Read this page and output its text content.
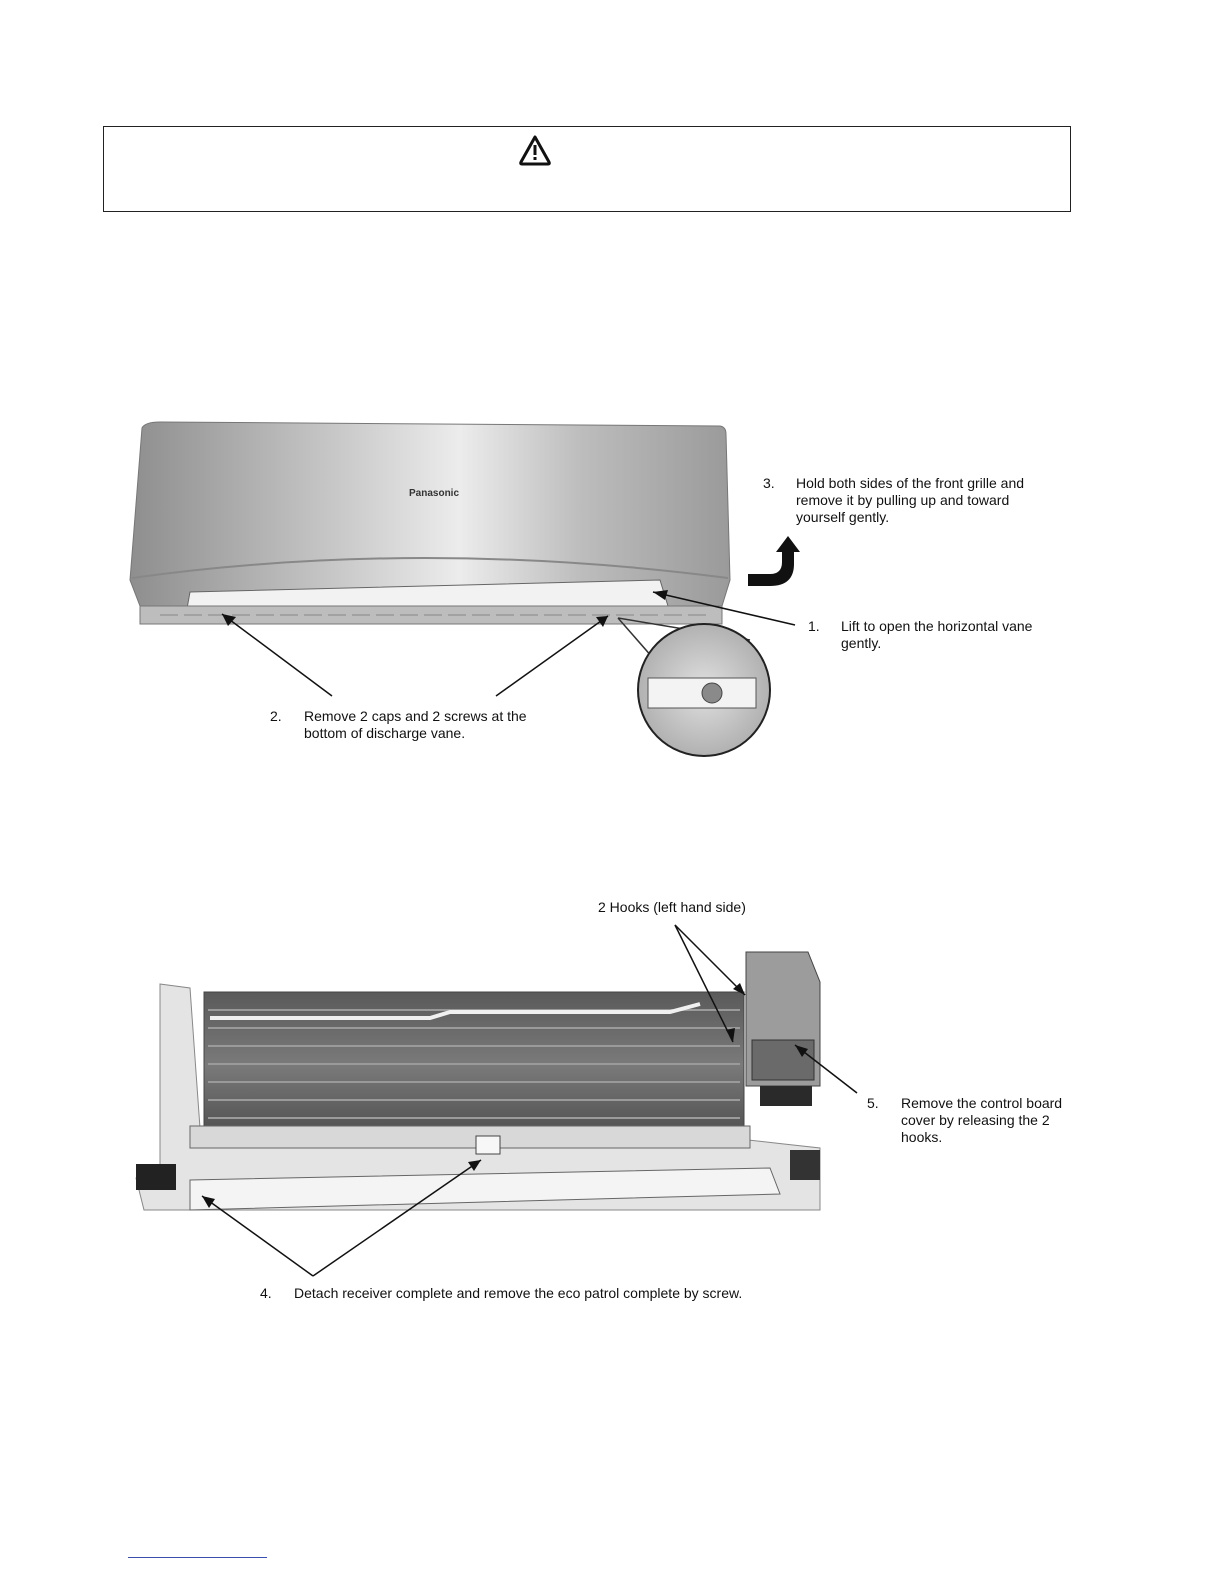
Panasonic
3. Hold both sides of the front grille and remove it by pulling up and toward yourself gently.
1. Lift to open the horizontal vane gently.
2. Remove 2 caps and 2 screws at the bottom of discharge vane.
2 Hooks (left hand side)
5. Remove the control board cover by releasing the 2 hooks.
4. Detach receiver complete and remove the eco patrol complete by screw.
